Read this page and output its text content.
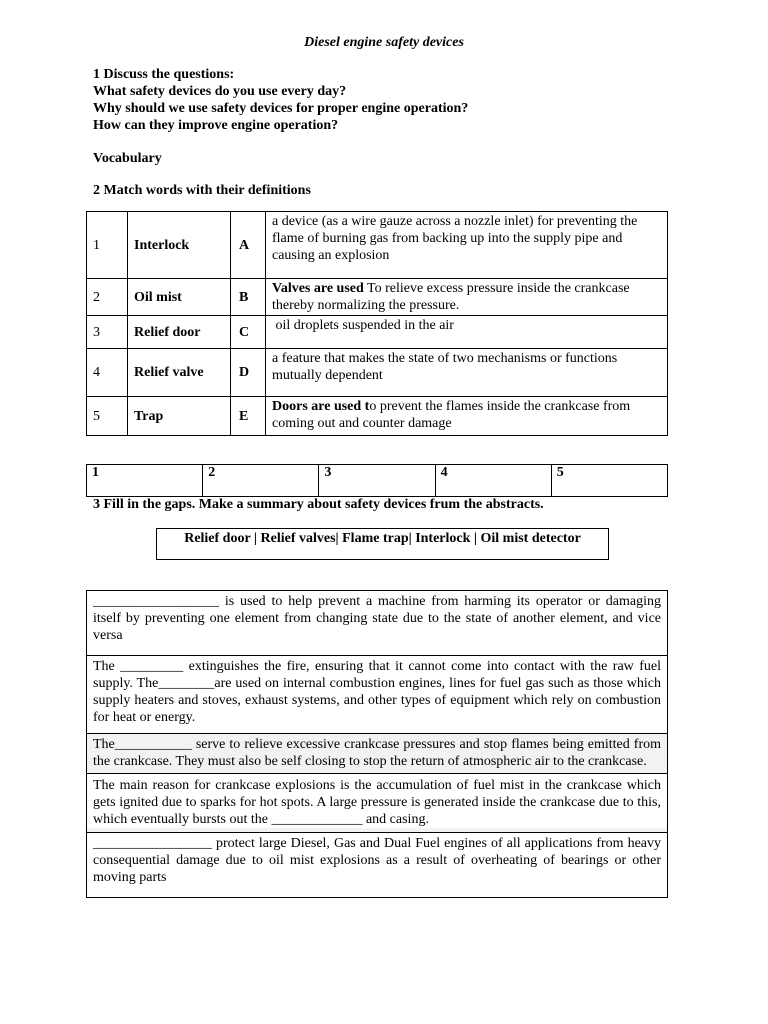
Diesel engine safety devices
1 Discuss the questions:
What safety devices do you use every day?
Why should we use safety devices for proper engine operation?
How can they improve engine operation?
Vocabulary
2 Match words with their definitions
1	Interlock	A	a device (as a wire gauze across a nozzle inlet) for preventing the flame of burning gas from backing up into the supply pipe and causing an explosion
2	Oil mist	B	Valves are used To relieve excess pressure inside the crankcase thereby normalizing the pressure.
3	Relief door	C	oil droplets suspended in the air
4	Relief valve	D	a feature that makes the state of two mechanisms or functions mutually dependent
5	Trap	E	Doors are used to prevent the flames inside the crankcase from coming out and counter damage
1	2	3	4	5
3 Fill in the gaps. Make a summary about safety devices frum the abstracts.
Relief door | Relief valves| Flame trap| Interlock | Oil mist detector
__________________ is used to help prevent a machine from harming its operator or damaging itself by preventing one element from changing state due to the state of another element, and vice versa
The _________ extinguishes the fire, ensuring that it cannot come into contact with the raw fuel supply. The________are used on internal combustion engines, lines for fuel gas such as those which supply heaters and stoves, exhaust systems, and other types of equipment which rely on combustion for heat or energy.

The___________ serve to relieve excessive crankcase pressures and stop flames being emitted from the crankcase. They must also be self closing to stop the return of atmospheric air to the crankcase.
The main reason for crankcase explosions is the accumulation of fuel mist in the crankcase which gets ignited due to sparks for hot spots. A large pressure is generated inside the crankcase due to this, which eventually bursts out the _____________ and casing.

_________________ protect large Diesel, Gas and Dual Fuel engines of all applications from heavy consequential damage due to oil mist explosions as a result of overheating of bearings or other moving parts
